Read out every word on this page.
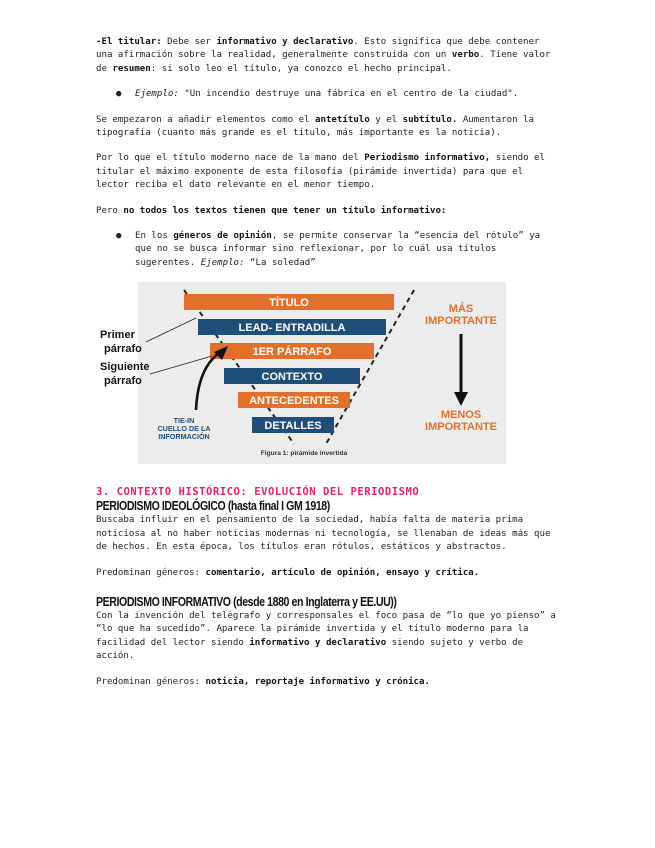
-El titular: Debe ser informativo y declarativo. Esto significa que debe contener una afirmación sobre la realidad, generalmente construida con un verbo. Tiene valor de resumen: si solo leo el título, ya conozco el hecho principal.

● Ejemplo: "Un incendio destruye una fábrica en el centro de la ciudad".

Se empezaron a añadir elementos como el antetítulo y el subtítulo. Aumentaron la tipografía (cuanto más grande es el título, más importante es la noticia).

Por lo que el título moderno nace de la mano del Periodismo informativo, siendo el titular el máximo exponente de esta filosofía (pirámide invertida) para que el lector reciba el dato relevante en el menor tiempo.

Pero no todos los textos tienen que tener un título informativo:

● En los géneros de opinión, se permite conservar la “esencia del rótulo” ya que no se busca informar sino reflexionar, por lo cuál usa títulos sugerentes. Ejemplo: “La soledad”
TÍTULO
LEAD- ENTRADILLA
1ER PÁRRAFO
CONTEXTO
ANTECEDENTES
DETALLES
Primer
párrafo
Siguiente
párrafo
TIE-IN
CUELLO DE LA
INFORMACIÓN
MÁS
IMPORTANTE
MENOS
IMPORTANTE
Figura 1: pirámide invertida
3. CONTEXTO HISTÓRICO: EVOLUCIÓN DEL PERIODISMO
PERIODISMO IDEOLÓGICO (hasta final I GM 1918)

Buscaba influir en el pensamiento de la sociedad, había falta de materia prima noticiosa al no haber noticias modernas ni tecnología, se llenaban de ideas más que de hechos. En esta época, los títulos eran rótulos, estáticos y abstractos.

Predominan géneros: comentario, artículo de opinión, ensayo y crítica.

PERIODISMO INFORMATIVO (desde 1880 en Inglaterra y EE.UU))

Con la invención del telégrafo y corresponsales el foco pasa de “lo que yo pienso” a “lo que ha sucedido”. Aparece la pirámide invertida y el título moderno para la facilidad del lector siendo informativo y declarativo siendo sujeto y verbo de acción.

Predominan géneros: noticia, reportaje informativo y crónica.
